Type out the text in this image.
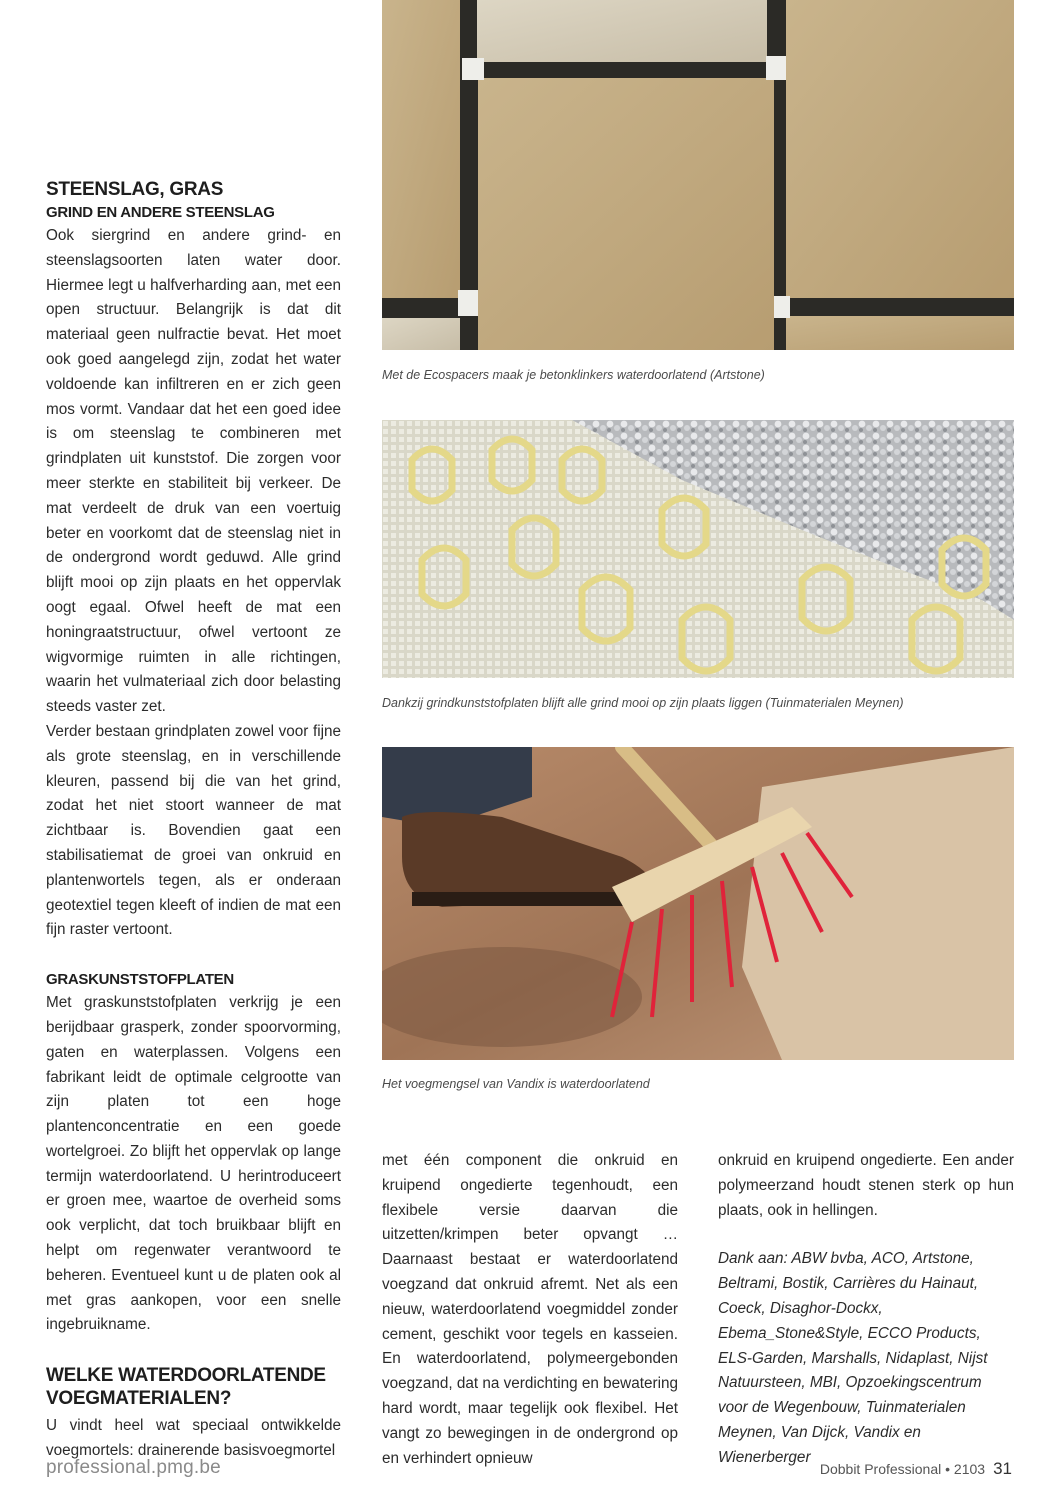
STEENSLAG, GRAS
GRIND EN ANDERE STEENSLAG

Ook siergrind en andere grind- en steenslagsoorten laten water door. Hiermee legt u halfverharding aan, met een open structuur. Belangrijk is dat dit materiaal geen nulfractie bevat. Het moet ook goed aangelegd zijn, zodat het water voldoende kan infiltreren en er zich geen mos vormt. Vandaar dat het een goed idee is om steenslag te combineren met grindplaten uit kunststof. Die zorgen voor meer sterkte en stabiliteit bij verkeer. De mat verdeelt de druk van een voertuig beter en voorkomt dat de steenslag niet in de ondergrond wordt geduwd. Alle grind blijft mooi op zijn plaats en het oppervlak oogt egaal. Ofwel heeft de mat een honingraatstructuur, ofwel vertoont ze wigvormige ruimten in alle richtingen, waarin het vulmateriaal zich door belasting steeds vaster zet.

Verder bestaan grindplaten zowel voor fijne als grote steenslag, en in verschillende kleuren, passend bij die van het grind, zodat het niet stoort wanneer de mat zichtbaar is. Bovendien gaat een stabilisatiemat de groei van onkruid en plantenwortels tegen, als er onderaan geotextiel tegen kleeft of indien de mat een fijn raster vertoont.

GRASKUNSTSTOFPLATEN

Met graskunststofplaten verkrijg je een berijdbaar grasperk, zonder spoorvorming, gaten en waterplassen. Volgens een fabrikant leidt de optimale celgrootte van zijn platen tot een hoge plantenconcentratie en een goede wortelgroei. Zo blijft het oppervlak op lange termijn waterdoorlatend. U herintroduceert er groen mee, waartoe de overheid soms ook verplicht, dat toch bruikbaar blijft en helpt om regenwater verantwoord te beheren. Eventueel kunt u de platen ook al met gras aankopen, voor een snelle ingebruikname.

WELKE WATERDOORLATENDE
VOEGMATERIALEN?

U vindt heel wat speciaal ontwikkelde voegmortels: drainerende basisvoegmortel

Met de Ecospacers maak je betonklinkers waterdoorlatend (Artstone)
Dankzij grindkunststofplaten blijft alle grind mooi op zijn plaats liggen (Tuinmaterialen Meynen)
Het voegmengsel van Vandix is waterdoorlatend

met één component die onkruid en kruipend ongedierte tegenhoudt, een flexibele versie daarvan die uitzetten/krimpen beter opvangt … Daarnaast bestaat er waterdoorlatend voegzand dat onkruid afremt. Net als een nieuw, waterdoorlatend voegmiddel zonder cement, geschikt voor tegels en kasseien. En waterdoorlatend, polymeergebonden voegzand, dat na verdichting en bewatering hard wordt, maar tegelijk ook flexibel. Het vangt zo bewegingen in de ondergrond op en verhindert opnieuw

onkruid en kruipend ongedierte. Een ander polymeerzand houdt stenen sterk op hun plaats, ook in hellingen.

Dank aan: ABW bvba, ACO, Artstone, Beltrami, Bostik, Carrières du Hainaut, Coeck, Disaghor-Dockx, Ebema_Stone&Style, ECCO Products, ELS-Garden, Marshalls, Nidaplast, Nijst Natuursteen, MBI, Opzoekingscentrum voor de Wegenbouw, Tuinmaterialen Meynen, Van Dijck, Vandix en Wienerberger

professional.pmg.be	Dobbit Professional • 2103 31
